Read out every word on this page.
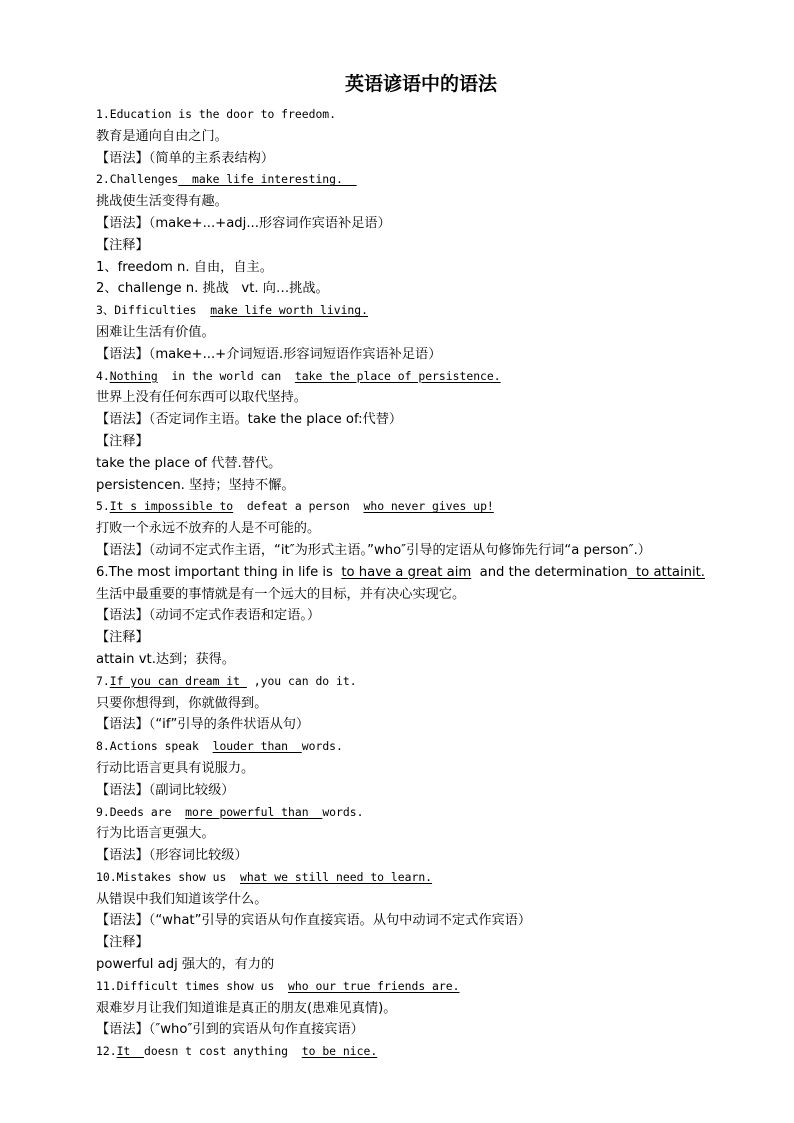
英语谚语中的语法
1.Education is the door to freedom.
教育是通向自由之门。
【语法】（简单的主系表结构）
2.Challenges  make life interesting.
挑战使生活变得有趣。
【语法】（make+...+adj...形容词作宾语补足语）
【注释】
1、freedom n. 自由，自主。
2、challenge n. 挑战   vt. 向…挑战。
3、Difficulties  make life worth living.
困难让生活有价值。
【语法】（make+...+介词短语.形容词短语作宾语补足语）
4.Nothing  in the world can  take the place of persistence.
世界上没有任何东西可以取代坚持。
【语法】（否定词作主语。take the place of:代替）
【注释】
take the place of 代替.替代。
persistencen. 坚持；坚持不懈。
5.It s impossible to  defeat a person  who never gives up!
打败一个永远不放弃的人是不可能的。
【语法】（动词不定式作主语，“it″为形式主语。”who″引导的定语从句修饰先行词“a person″.）
6.The most important thing in life is  to have a great aim  and the determination  to attainit.
生活中最重要的事情就是有一个远大的目标，并有决心实现它。
【语法】（动词不定式作表语和定语。）
【注释】
attain vt.达到；获得。
7.If you can dream it  ,you can do it.
只要你想得到，你就做得到。
【语法】（“if”引导的条件状语从句）
8.Actions speak  louder than  words.
行动比语言更具有说服力。
【语法】（副词比较级）
9.Deeds are  more powerful than  words.
行为比语言更强大。
【语法】（形容词比较级）
10.Mistakes show us  what we still need to learn.
从错误中我们知道该学什么。
【语法】（“what”引导的宾语从句作直接宾语。从句中动词不定式作宾语）
【注释】
powerful adj 强大的，有力的
11.Difficult times show us  who our true friends are.
艰难岁月让我们知道谁是真正的朋友(患难见真情)。
【语法】（″who″引到的宾语从句作直接宾语）
12.It  doesn t cost anything  to be nice.
